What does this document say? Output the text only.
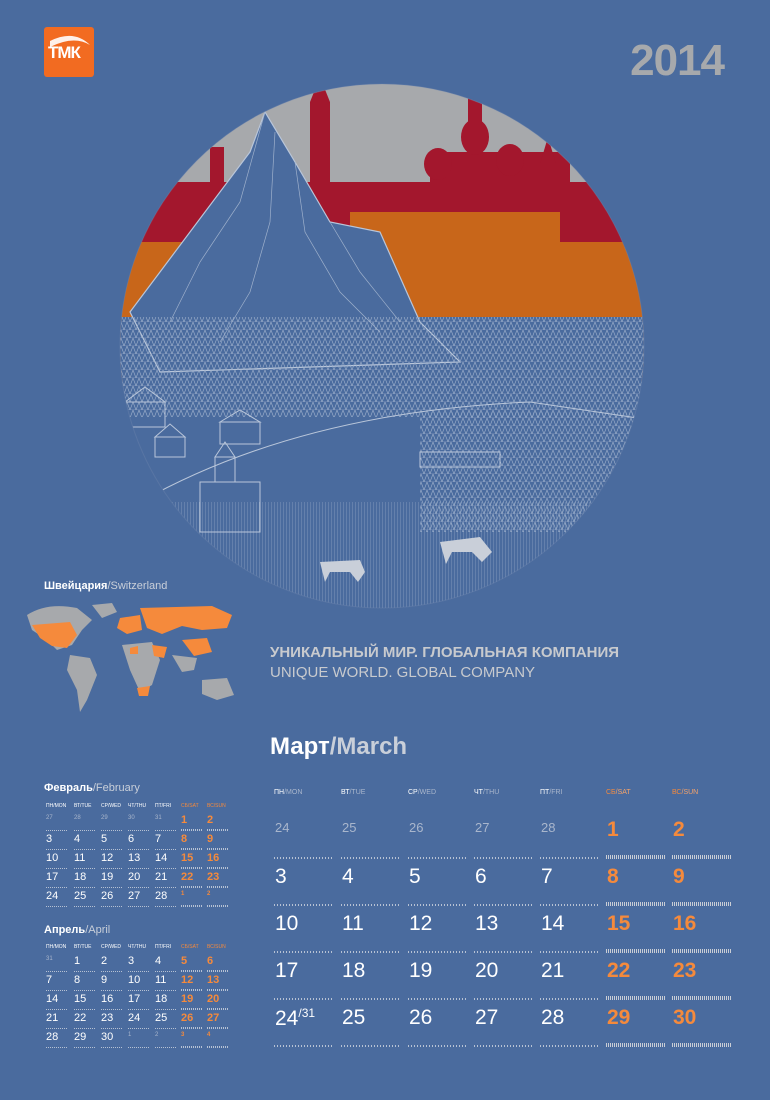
ТМК	2014
Швейцария/Switzerland
УНИКАЛЬНЫЙ МИР. ГЛОБАЛЬНАЯ КОМПАНИЯ
UNIQUE WORLD. GLOBAL COMPANY
Март/March
ПН/MON	ВТ/TUE	СР/WED	ЧТ/THU	ПТ/FRI	СБ/SAT	ВС/SUN
24	25	26	27	28 1	2
3	4	5	6	7	8	9
10 11 12 13 14 15 16
17 18 19 20 21 22 23
$24^{/31}$ 25 26 27 28 29 30
Февраль/February
ПН/MON ВТ/TUE СР/WED ЧТ/THU ПТ/FRI СБ/SAT ВС/SUN
27	28	29	30	31 1 2
3 4 5 6 7 8 9
10 11 12 13 14 15 16
17 18 19 20 21 22 23
24 25 26 27 28 1	2
Апрель/April
ПН/MON ВТ/TUE СР/WED ЧТ/THU ПТ/FRI СБ/SAT ВС/SUN
31 1 2 3 4 5 6
7 8 9 10 11 12 13
14 15 16 17 18 19 20
21 22 23 24 25 26 27
28 29 30 1	2	3	4
